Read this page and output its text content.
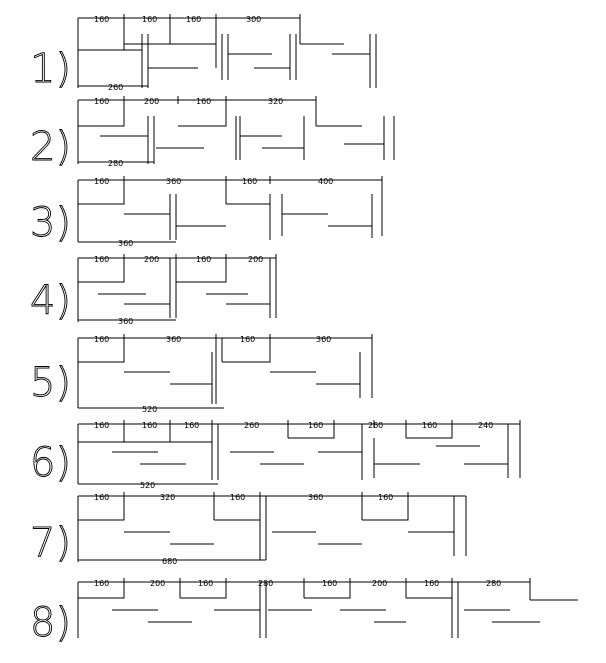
1)
160	160	160	300
260
2)
160	200	160	320
280
3)
160	360	160	400
360
4)
160	200	160	200
360
5)
160	360	160	360
520
6)
160	160	160	260	160	260	160	240
520
7)
160	320	160	360	160
680
8)
160	200	160	280	160	200	160	280
